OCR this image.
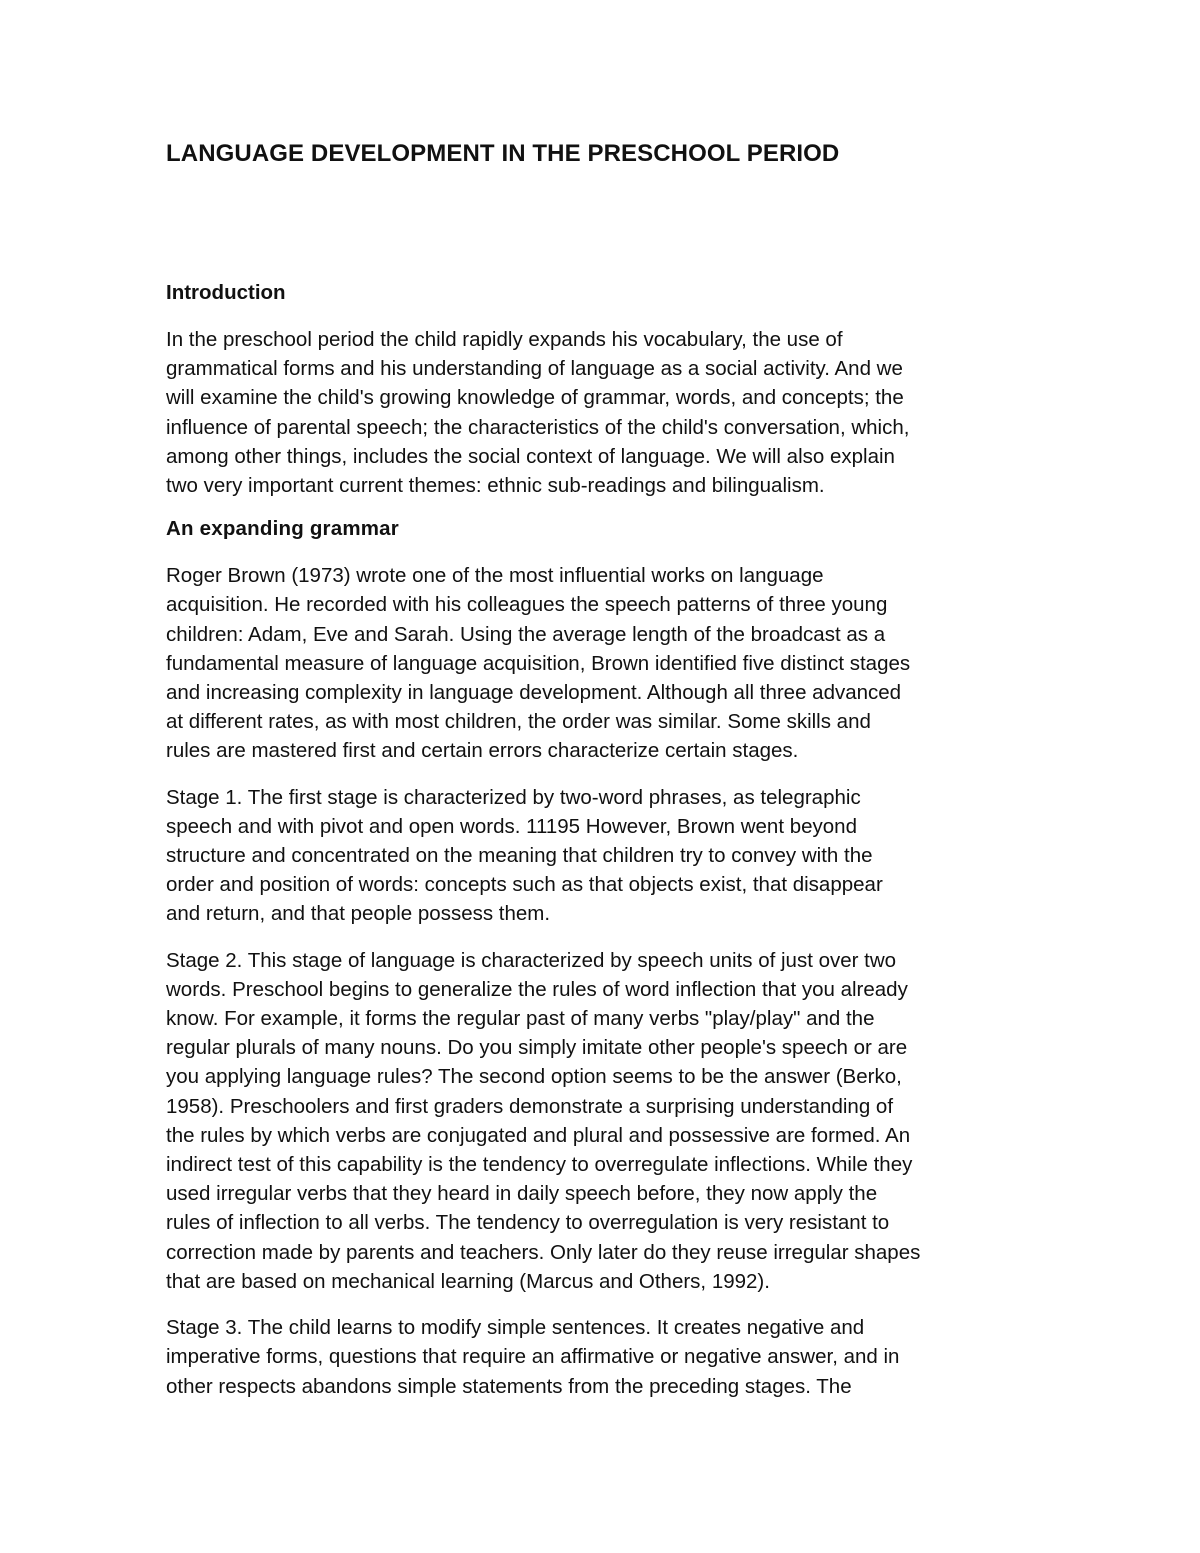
LANGUAGE DEVELOPMENT IN THE PRESCHOOL PERIOD
Introduction

In the preschool period the child rapidly expands his vocabulary, the use of
grammatical forms and his understanding of language as a social activity. And we
will examine the child's growing knowledge of grammar, words, and concepts; the
influence of parental speech; the characteristics of the child's conversation, which,
among other things, includes the social context of language. We will also explain
two very important current themes: ethnic sub-readings and bilingualism.

An expanding grammar

Roger Brown (1973) wrote one of the most influential works on language
acquisition. He recorded with his colleagues the speech patterns of three young
children: Adam, Eve and Sarah. Using the average length of the broadcast as a
fundamental measure of language acquisition, Brown identified five distinct stages
and increasing complexity in language development. Although all three advanced
at different rates, as with most children, the order was similar. Some skills and
rules are mastered first and certain errors characterize certain stages.

Stage 1. The first stage is characterized by two-word phrases, as telegraphic
speech and with pivot and open words. 11195 However, Brown went beyond
structure and concentrated on the meaning that children try to convey with the
order and position of words: concepts such as that objects exist, that disappear
and return, and that people possess them.

Stage 2. This stage of language is characterized by speech units of just over two
words. Preschool begins to generalize the rules of word inflection that you already
know. For example, it forms the regular past of many verbs "play/play" and the
regular plurals of many nouns. Do you simply imitate other people's speech or are
you applying language rules? The second option seems to be the answer (Berko,
1958). Preschoolers and first graders demonstrate a surprising understanding of
the rules by which verbs are conjugated and plural and possessive are formed. An
indirect test of this capability is the tendency to overregulate inflections. While they
used irregular verbs that they heard in daily speech before, they now apply the
rules of inflection to all verbs. The tendency to overregulation is very resistant to
correction made by parents and teachers. Only later do they reuse irregular shapes
that are based on mechanical learning (Marcus and Others, 1992).

Stage 3. The child learns to modify simple sentences. It creates negative and
imperative forms, questions that require an affirmative or negative answer, and in
other respects abandons simple statements from the preceding stages. The
